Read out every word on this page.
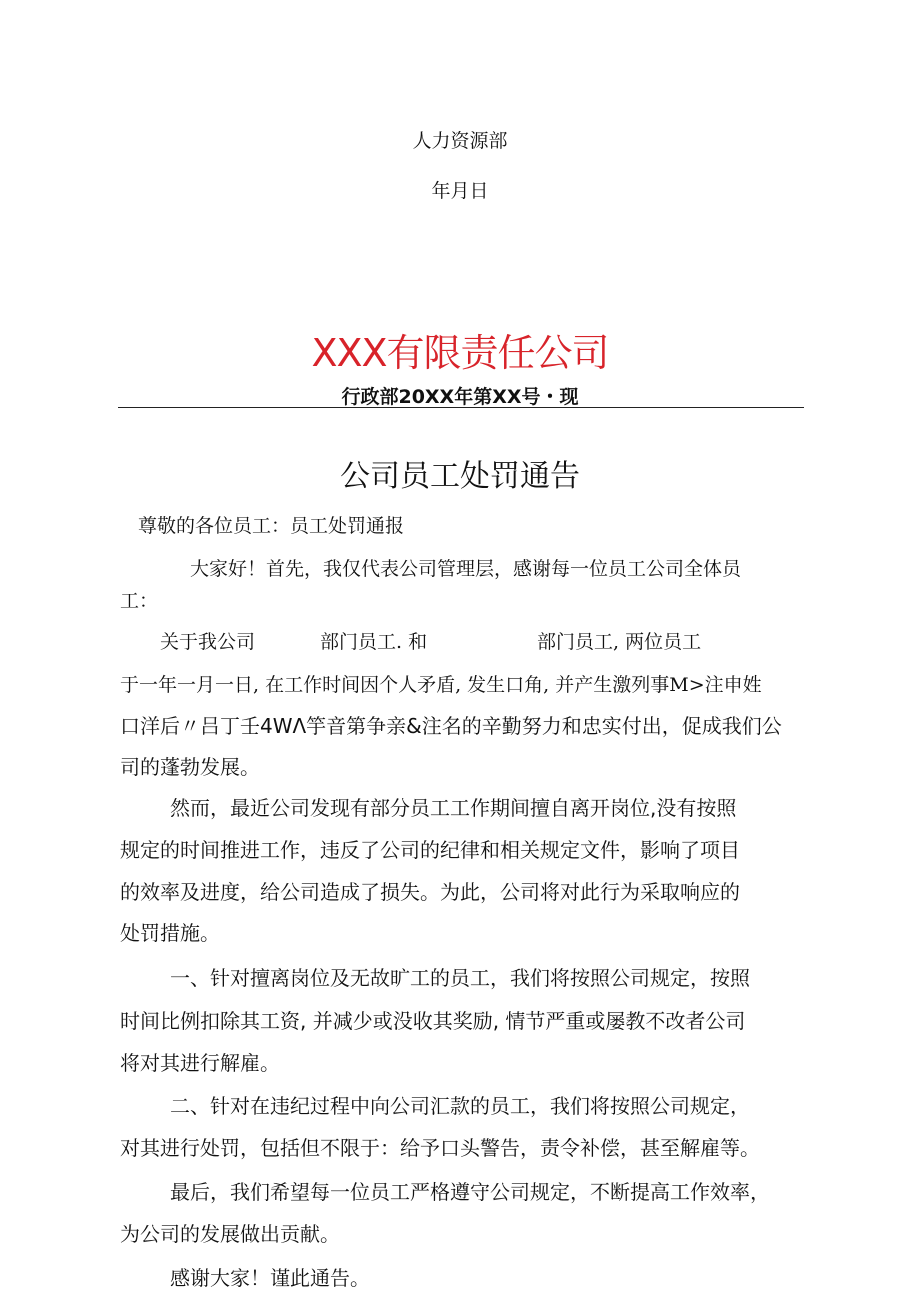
人力资源部
年月日
XXX有限责任公司
行政部20XX年第XX号・现
公司员工处罚通告
尊敬的各位员工：员工处罚通报
大家好！首先，我仅代表公司管理层，感谢每一位员工公司全体员
工：
关于我公司	部门员工. 和	部门员工, 两位员工
于一年一月一日, 在工作时间因个人矛盾, 发生口角, 并产生激列事M>注申姓
口洋后〃吕丁壬4WΛ竽音第争亲&注名的辛勤努力和忠实付出，促成我们公
司的蓬勃发展。
然而，最近公司发现有部分员工工作期间擅自离开岗位,没有按照
规定的时间推进工作，违反了公司的纪律和相关规定文件，影响了项目
的效率及进度，给公司造成了损失。为此，公司将对此行为采取响应的
处罚措施。
一、针对擅离岗位及无故旷工的员工，我们将按照公司规定，按照
时间比例扣除其工资, 并减少或没收其奖励, 情节严重或屡教不改者公司
将对其进行解雇。
二、针对在违纪过程中向公司汇款的员工，我们将按照公司规定，
对其进行处罚，包括但不限于：给予口头警告，责令补偿，甚至解雇等。
最后，我们希望每一位员工严格遵守公司规定，不断提高工作效率，
为公司的发展做出贡献。
感谢大家！谨此通告。
